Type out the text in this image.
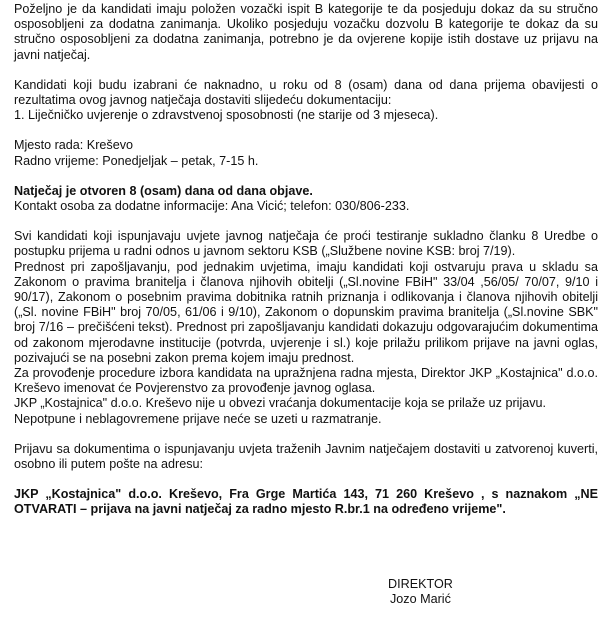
Poželjno je da kandidati imaju položen vozački ispit B kategorije te da posjeduju dokaz da su stručno osposobljeni za dodatna zanimanja. Ukoliko posjeduju vozačku dozvolu B kategorije te dokaz da su stručno osposobljeni za dodatna zanimanja, potrebno je da ovjerene kopije istih dostave uz prijavu na javni natječaj.

Kandidati koji budu izabrani će naknadno, u roku od 8 (osam) dana od dana prijema obavijesti o rezultatima ovog javnog natječaja dostaviti slijedeću dokumentaciju:

1. Liječničko uvjerenje o zdravstvenoj sposobnosti (ne starije od 3 mjeseca).

Mjesto rada: Kreševo

Radno vrijeme: Ponedjeljak – petak, 7-15 h.

Natječaj je otvoren 8 (osam) dana od dana objave.

Kontakt osoba za dodatne informacije: Ana Vicić; telefon: 030/806-233.

Svi kandidati koji ispunjavaju uvjete javnog natječaja će proći testiranje sukladno članku 8 Uredbe o postupku prijema u radni odnos u javnom sektoru KSB („Službene novine KSB: broj 7/19).

Prednost pri zapošljavanju, pod jednakim uvjetima, imaju kandidati koji ostvaruju prava u skladu sa Zakonom o pravima branitelja i članova njihovih obitelji („Sl.novine FBiH" 33/04 ,56/05/ 70/07, 9/10 i 90/17), Zakonom o posebnim pravima dobitnika ratnih priznanja i odlikovanja i članova njihovih obitelji („Sl. novine FBiH" broj 70/05, 61/06 i 9/10), Zakonom o dopunskim pravima branitelja („Sl.novine SBK" broj 7/16 – prečišćeni tekst). Prednost pri zapošljavanju kandidati dokazuju odgovarajućim dokumentima od zakonom mjerodavne institucije (potvrda, uvjerenje i sl.) koje prilažu prilikom prijave na javni oglas, pozivajući se na posebni zakon prema kojem imaju prednost.

Za provođenje procedure izbora kandidata na upražnjena radna mjesta, Direktor JKP „Kostajnica" d.o.o. Kreševo imenovat će Povjerenstvo za provođenje javnog oglasa.

JKP „Kostajnica" d.o.o. Kreševo nije u obvezi vraćanja dokumentacije koja se prilaže uz prijavu.

Nepotpune i neblagovremene prijave neće se uzeti u razmatranje.

Prijavu sa dokumentima o ispunjavanju uvjeta traženih Javnim natječajem dostaviti u zatvorenoj kuverti, osobno ili putem pošte na adresu:

JKP „Kostajnica" d.o.o. Kreševo, Fra Grge Martića 143, 71 260 Kreševo , s naznakom „NE OTVARATI – prijava na javni natječaj za radno mjesto R.br.1 na određeno vrijeme".

DIREKTOR
Jozo Marić
